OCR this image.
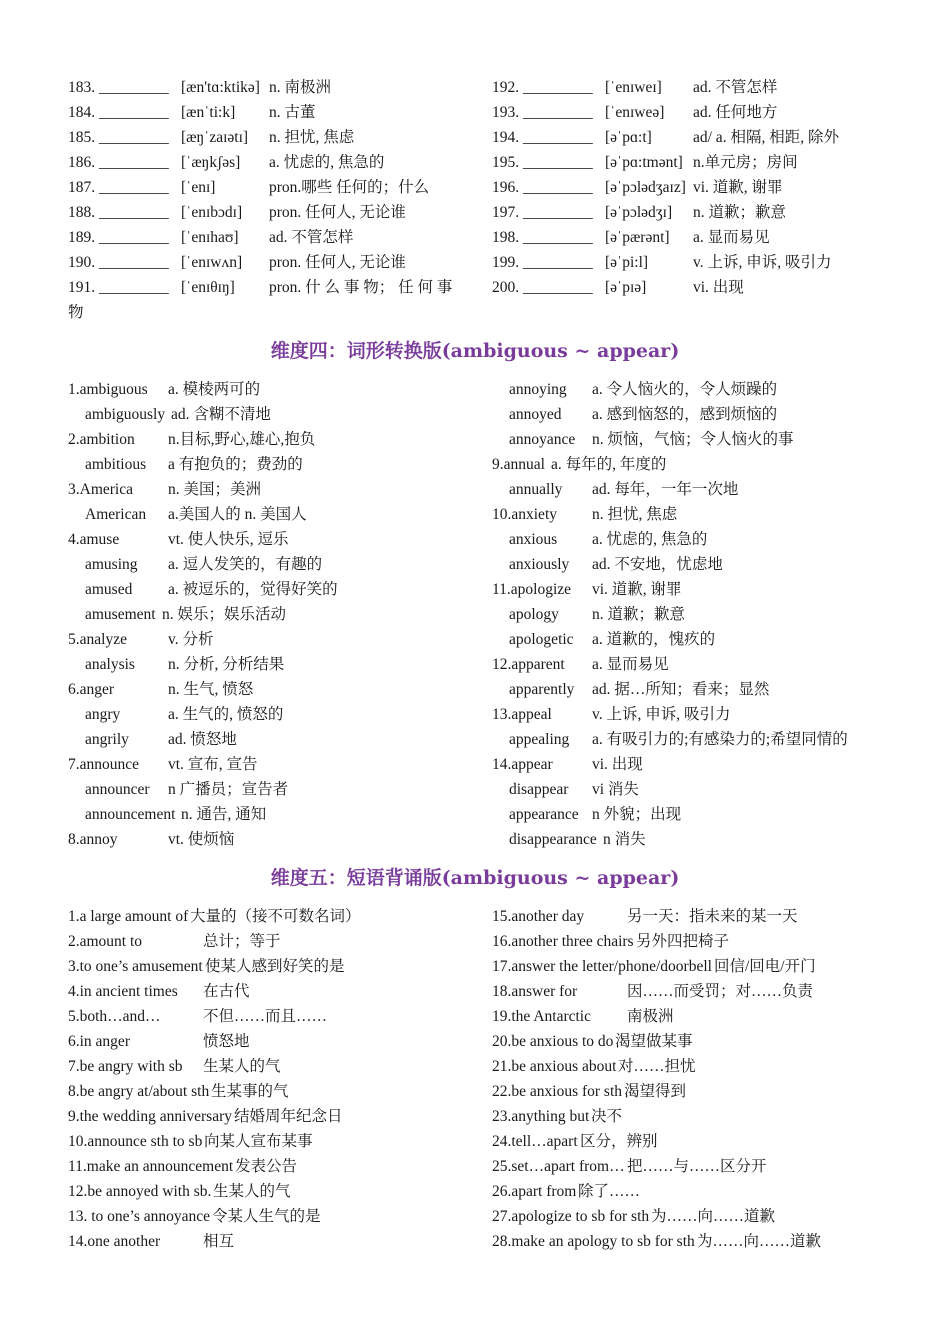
183. _________ [æn'tɑ:ktikə] n. 南极洲
184. _________ [ænˈti:k] n. 古董
185. _________ [æŋˈzaɪətɪ] n. 担忧, 焦虑
186. _________ [ˈæŋkʃəs] a. 忧虑的, 焦急的
187. _________ [ˈenɪ]	pron.哪些 任何的；什么
188. _________ [ˈenɪbɔdɪ] pron. 任何人, 无论谁
189. _________ [ˈenɪhaʊ] ad. 不管怎样
190. _________ [ˈenɪwʌn] pron. 任何人, 无论谁
191. _________ [ˈenɪθɪŋ] pron. 什 么 事 物； 任 何 事
物
192. _________ [ˈenɪweɪ] ad. 不管怎样
193. _________ [ˈenɪweə] ad. 任何地方
194. _________ [əˈpɑ:t]	ad/ a. 相隔, 相距, 除外
195. _________ [əˈpɑ:tmənt] n.单元房；房间
196. _________ [əˈpɔlədʒaɪz] vi. 道歉, 谢罪
197. _________ [əˈpɔlədʒɪ] n. 道歉；歉意
198. _________ [əˈpærənt] a. 显而易见
199. _________ [əˈpi:l]	v. 上诉, 申诉, 吸引力
200. _________ [əˈpɪə]	vi. 出现
维度四：词形转换版(ambiguous ~ appear)
1.ambiguous a. 模棱两可的
ambiguously ad. 含糊不清地
2.ambition n.目标,野心,雄心,抱负
ambitious a 有抱负的；费劲的
3.America n. 美国；美洲
American a.美国人的 n. 美国人
4.amuse	vt. 使人快乐, 逗乐
amusing a. 逗人发笑的，有趣的
amused a. 被逗乐的，觉得好笑的
amusement n. 娱乐；娱乐活动
5.analyze	v. 分析
analysis n. 分析, 分析结果
6.anger	n. 生气, 愤怒
angry	a. 生气的, 愤怒的
angrily	ad. 愤怒地
7.announce vt. 宣布, 宣告
announcer n 广播员；宣告者
announcement n. 通告, 通知
8.annoy	vt. 使烦恼
annoying a. 令人恼火的，令人烦躁的
annoyed a. 感到恼怒的，感到烦恼的
annoyance n. 烦恼，气恼；令人恼火的事
9.annual a. 每年的, 年度的
annually ad. 每年，一年一次地
10.anxiety n. 担忧, 焦虑
anxious a. 忧虑的, 焦急的
anxiously ad. 不安地，忧虑地
11.apologize vi. 道歉, 谢罪
apology n. 道歉；歉意
apologetic a. 道歉的，愧疚的
12.apparent a. 显而易见
apparently ad. 据…所知；看来；显然
13.appeal	v. 上诉, 申诉, 吸引力
appealing a. 有吸引力的;有感染力的;希望同情的
14.appear	vi. 出现
disappear vi 消失
appearance n 外貌；出现
disappearance n 消失
维度五：短语背诵版(ambiguous ~ appear)
1.a large amount of 大量的（接不可数名词）
2.amount to	总计；等于
3.to one’s amusement 使某人感到好笑的是
4.in ancient times 在古代
5.both…and…	不但……而且……
6.in anger	愤怒地
7.be angry with sb 生某人的气
8.be angry at/about sth 生某事的气
9.the wedding anniversary 结婚周年纪念日
10.announce sth to sb 向某人宣布某事
11.make an announcement 发表公告
12.be annoyed with sb. 生某人的气
13. to one’s annoyance 令某人生气的是
14.one another	相互
15.another day	另一天：指未来的某一天
16.another three chairs 另外四把椅子
17.answer the letter/phone/doorbell 回信/回电/开门
18.answer for	因……而受罚；对……负责
19.the Antarctic 南极洲
20.be anxious to do 渴望做某事
21.be anxious about 对……担忧
22.be anxious for sth 渴望得到
23.anything but 决不
24.tell…apart 区分，辨别
25.set…apart from… 把……与……区分开
26.apart from 除了……
27.apologize to sb for sth 为……向……道歉
28.make an apology to sb for sth 为……向……道歉
